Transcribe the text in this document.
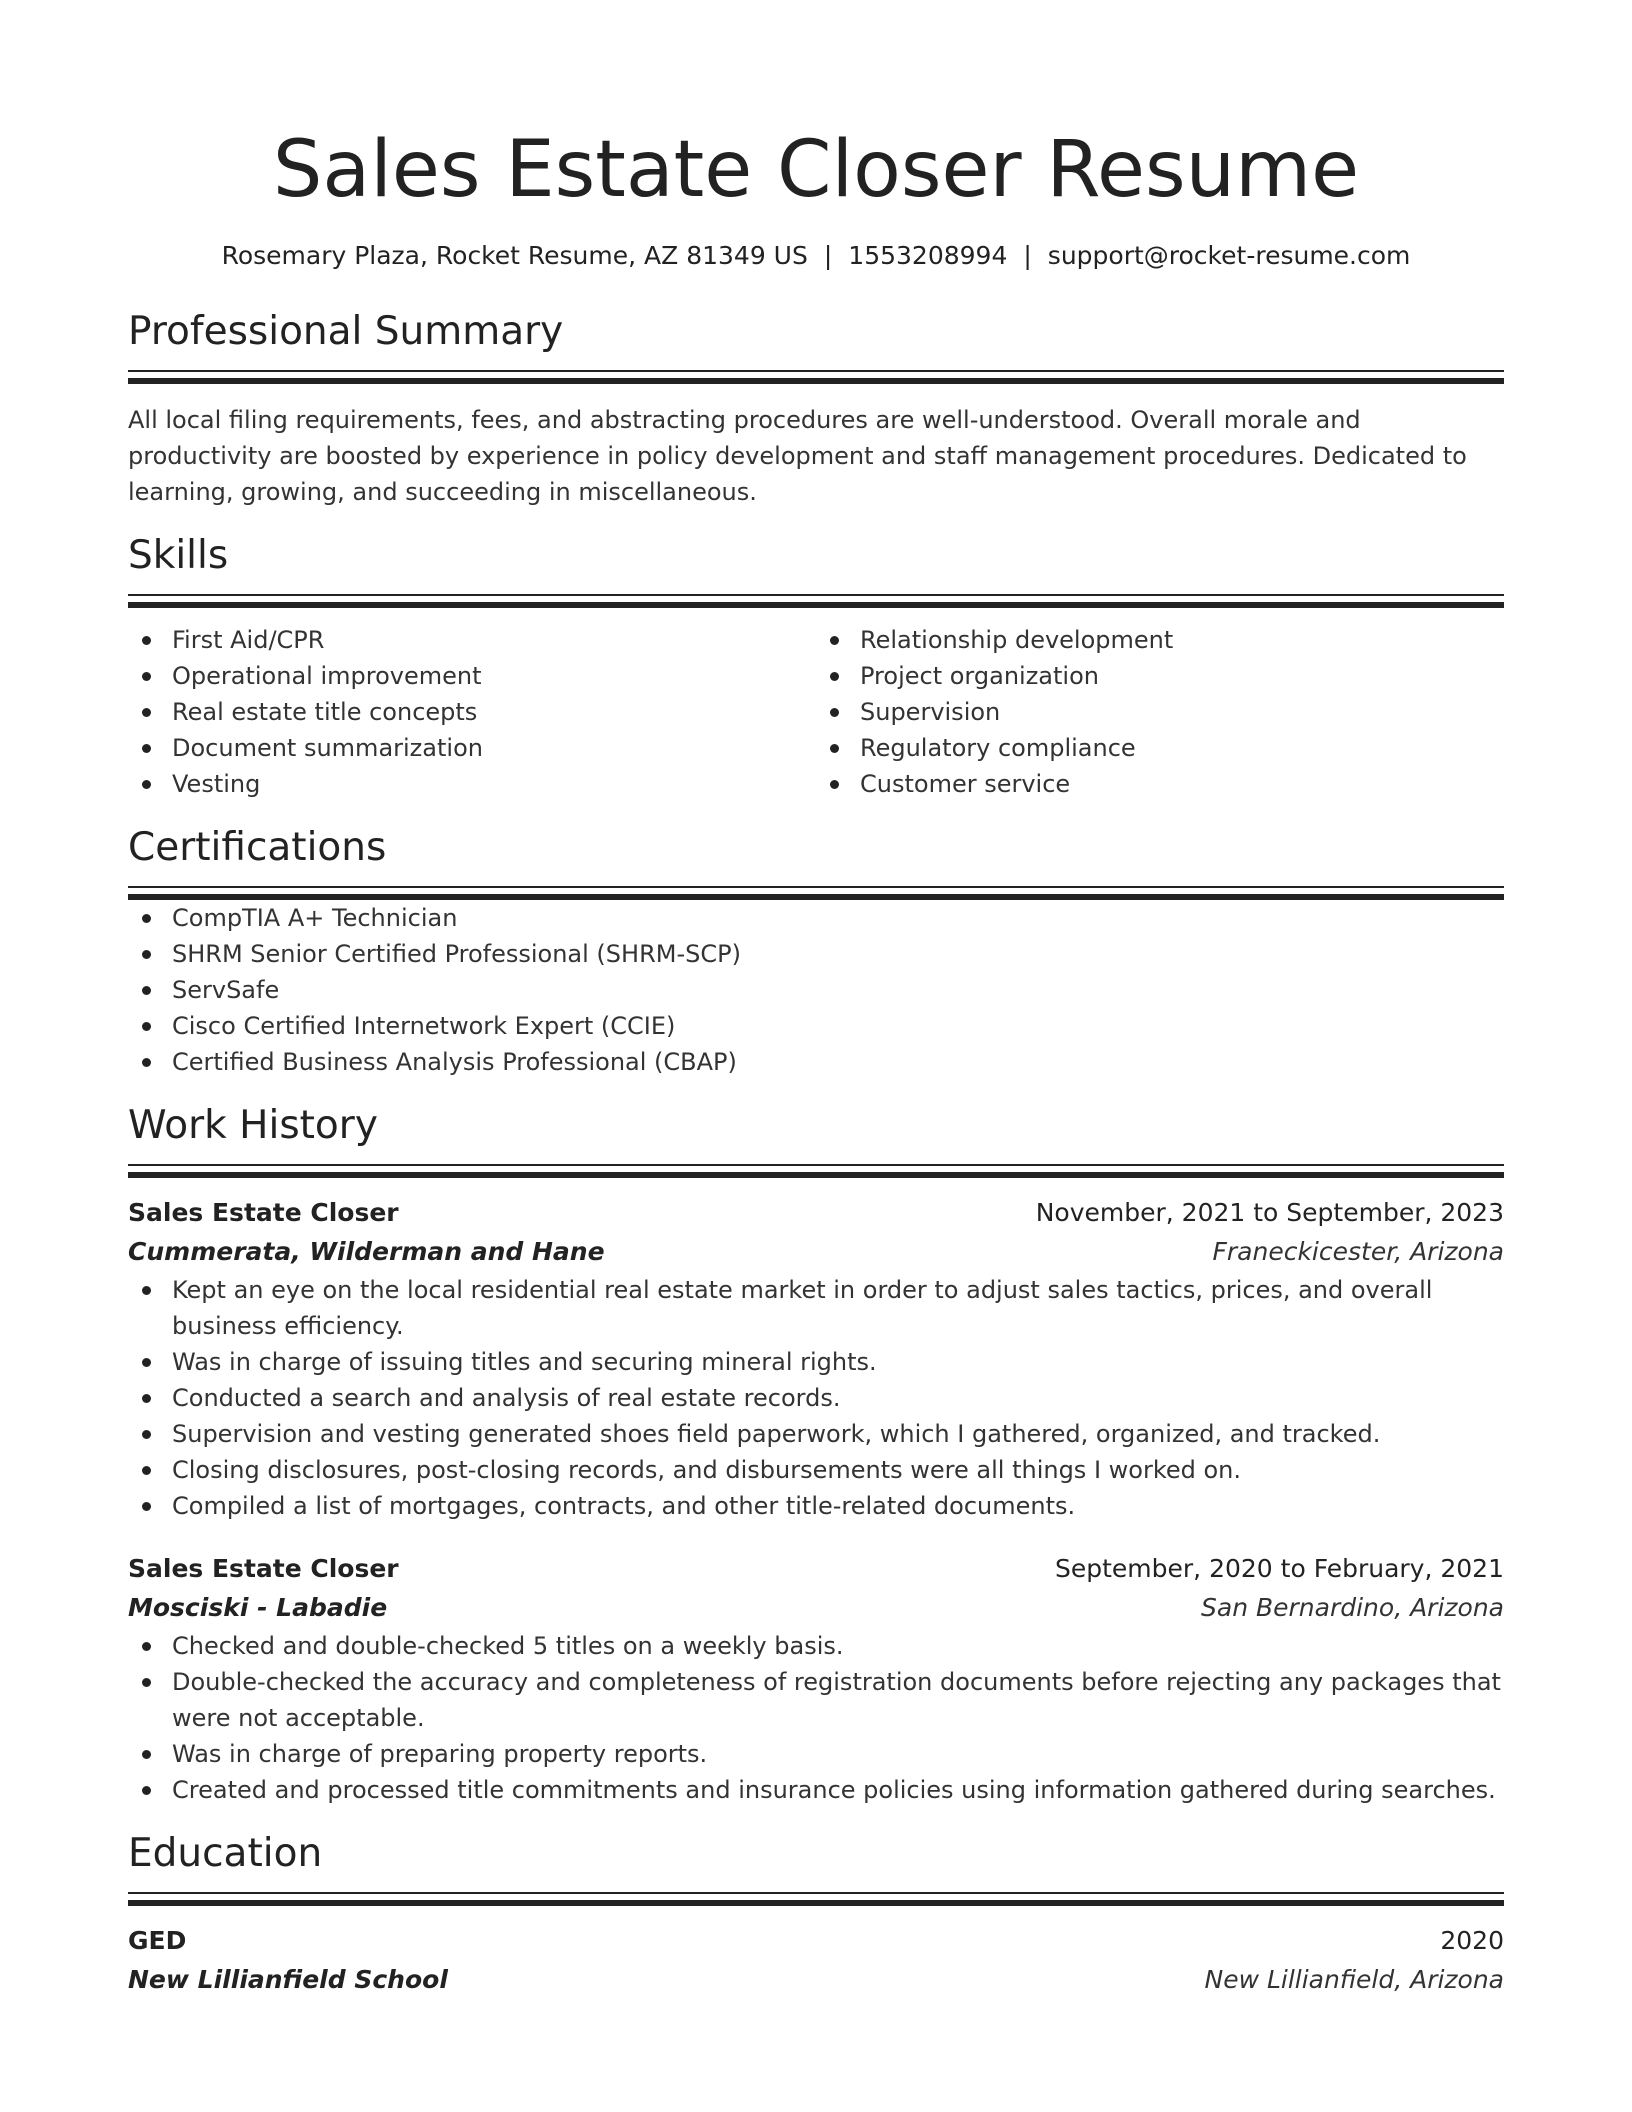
Sales Estate Closer Resume
Rosemary Plaza, Rocket Resume, AZ 81349 US | 1553208994 | support@rocket-resume.com
Professional Summary

All local filing requirements, fees, and abstracting procedures are well-understood. Overall morale and productivity are boosted by experience in policy development and staff management procedures. Dedicated to learning, growing, and succeeding in miscellaneous.

Skills
First Aid/CPR
Operational improvement
Real estate title concepts
Document summarization
Vesting
Relationship development
Project organization
Supervision
Regulatory compliance
Customer service
Certifications
CompTIA A+ Technician
SHRM Senior Certified Professional (SHRM-SCP)
ServSafe
Cisco Certified Internetwork Expert (CCIE)
Certified Business Analysis Professional (CBAP)
Work History
Sales Estate Closer	November, 2021 to September, 2023
Cummerata, Wilderman and Hane	Franeckicester, Arizona
Kept an eye on the local residential real estate market in order to adjust sales tactics, prices, and overall business efficiency.
Was in charge of issuing titles and securing mineral rights.
Conducted a search and analysis of real estate records.
Supervision and vesting generated shoes field paperwork, which I gathered, organized, and tracked.
Closing disclosures, post-closing records, and disbursements were all things I worked on.
Compiled a list of mortgages, contracts, and other title-related documents.
Sales Estate Closer	September, 2020 to February, 2021
Mosciski - Labadie	San Bernardino, Arizona
Checked and double-checked 5 titles on a weekly basis.
Double-checked the accuracy and completeness of registration documents before rejecting any packages that were not acceptable.
Was in charge of preparing property reports.
Created and processed title commitments and insurance policies using information gathered during searches.
Education
GED	2020
New Lillianfield School	New Lillianfield, Arizona
